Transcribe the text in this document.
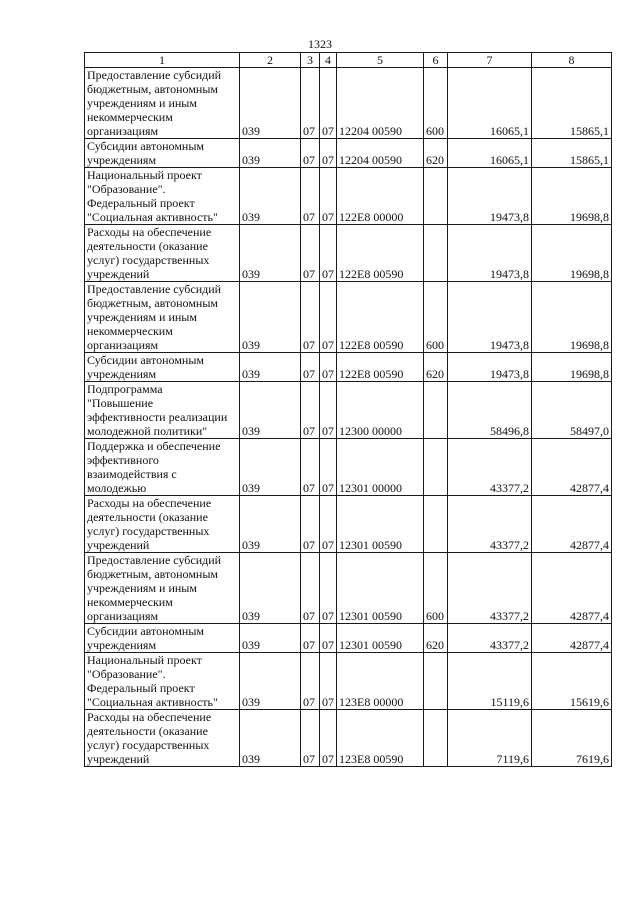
1323
1	2	3	4	5	6	7	8

Предоставление субсидий
бюджетным, автономным
учреждениям и иным
некоммерческим
организациям	039	07	07	12204 00590	600	16065,1	15865,1

Субсидии автономным
учреждениям	039	07	07	12204 00590	620	16065,1	15865,1

Национальный проект
"Образование".
Федеральный проект
"Социальная активность"	039	07	07	122E8 00000		19473,8	19698,8

Расходы на обеспечение
деятельности (оказание
услуг) государственных
учреждений	039	07	07	122E8 00590		19473,8	19698,8

Предоставление субсидий
бюджетным, автономным
учреждениям и иным
некоммерческим
организациям	039	07	07	122E8 00590	600	19473,8	19698,8

Субсидии автономным
учреждениям	039	07	07	122E8 00590	620	19473,8	19698,8

Подпрограмма
"Повышение
эффективности реализации
молодежной политики"	039	07	07	12300 00000		58496,8	58497,0

Поддержка и обеспечение
эффективного
взаимодействия с
молодежью	039	07	07	12301 00000		43377,2	42877,4

Расходы на обеспечение
деятельности (оказание
услуг) государственных
учреждений	039	07	07	12301 00590		43377,2	42877,4

Предоставление субсидий
бюджетным, автономным
учреждениям и иным
некоммерческим
организациям	039	07	07	12301 00590	600	43377,2	42877,4

Субсидии автономным
учреждениям	039	07	07	12301 00590	620	43377,2	42877,4

Национальный проект
"Образование".
Федеральный проект
"Социальная активность"	039	07	07	123E8 00000		15119,6	15619,6

Расходы на обеспечение
деятельности (оказание
услуг) государственных
учреждений	039	07	07	123E8 00590		7119,6	7619,6
